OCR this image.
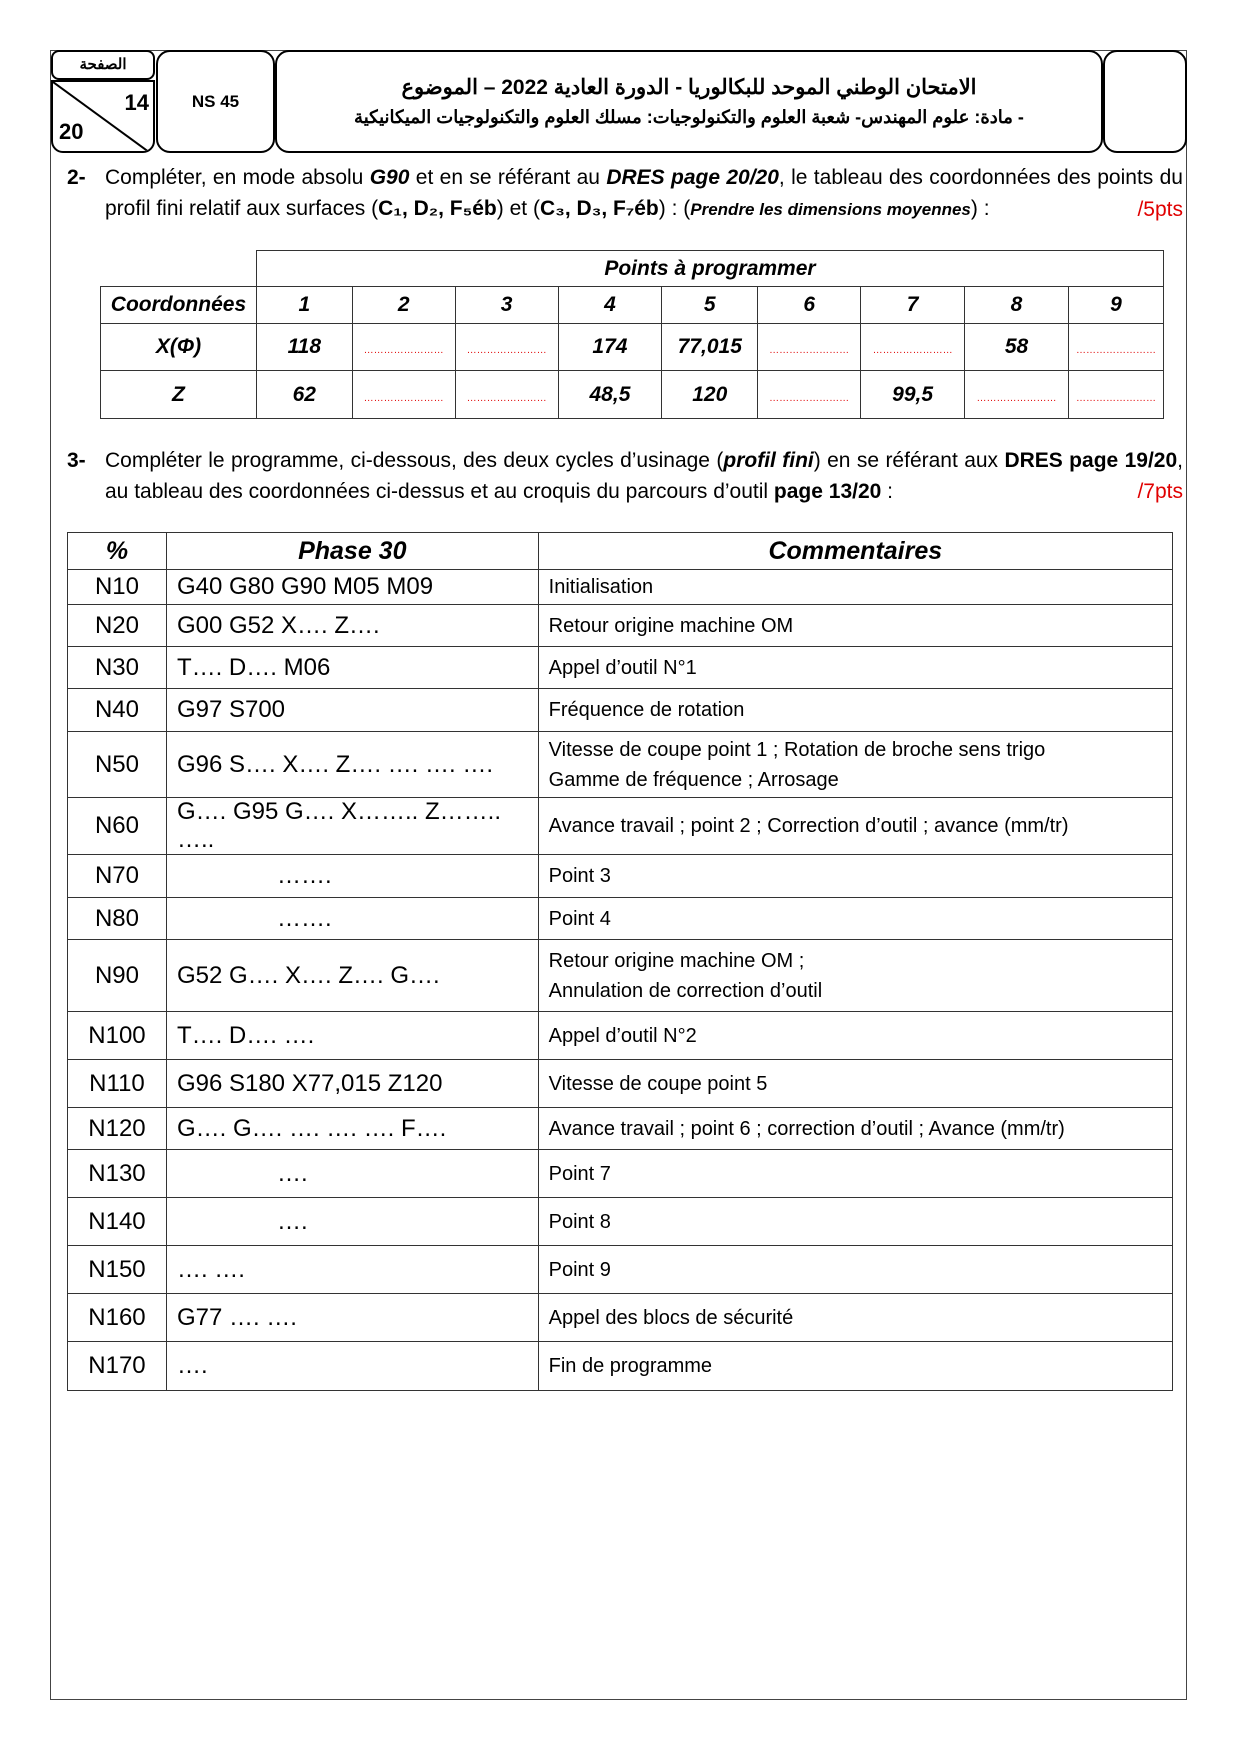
الصفحة
14
20
NS 45
الامتحان الوطني الموحد للبكالوريا - الدورة العادية 2022 – الموضوع
- مادة: علوم المهندس- شعبة العلوم والتكنولوجيات: مسلك العلوم والتكنولوجيات الميكانيكية
2- Compléter, en mode absolu G90 et en se référant au DRES page 20/20, le tableau des coordonnées des points du profil fini relatif aux surfaces (C₁, D₂, F₅éb) et (C₃, D₃, F₇éb) : (Prendre les dimensions moyennes) :	/5pts
	Points à programmer								
Coordonnées	1	2	3	4	5	6	7	8	9
X(Φ)	118	……………………	……………………	174	77,015	……………………	……………………	58	……………………
Z	62	……………………	……………………	48,5	120	……………………	99,5	……………………	……………………
3- Compléter le programme, ci-dessous, des deux cycles d’usinage (profil fini) en se référant aux DRES page 19/20, au tableau des coordonnées ci-dessus et au croquis du parcours d’outil page 13/20 :	/7pts
%	Phase 30	Commentaires
N10	G40 G80 G90 M05 M09	Initialisation
N20	G00 G52 X…. Z….	Retour origine machine OM
N30	T…. D…. M06	Appel d’outil N°1
N40	G97 S700	Fréquence de rotation
N50	G96 S…. X…. Z…. …. …. ….	Vitesse de coupe point 1 ; Rotation de broche sens trigo
Gamme de fréquence ; Arrosage
N60	G…. G95 G…. X…….. Z…….. …..	Avance travail ; point 2 ; Correction d’outil ; avance (mm/tr)
N70	…….	Point 3
N80	…….	Point 4
N90	G52 G…. X…. Z…. G….	Retour origine machine OM ;
Annulation de correction d’outil
N100	T…. D…. ….	Appel d’outil N°2
N110	G96 S180 X77,015 Z120	Vitesse de coupe point 5
N120	G…. G…. …. …. …. F….	Avance travail ; point 6 ; correction d’outil ; Avance (mm/tr)
N130	….	Point 7
N140	….	Point 8
N150	…. ….	Point 9
N160	G77 …. ….	Appel des blocs de sécurité
N170	….	Fin de programme
